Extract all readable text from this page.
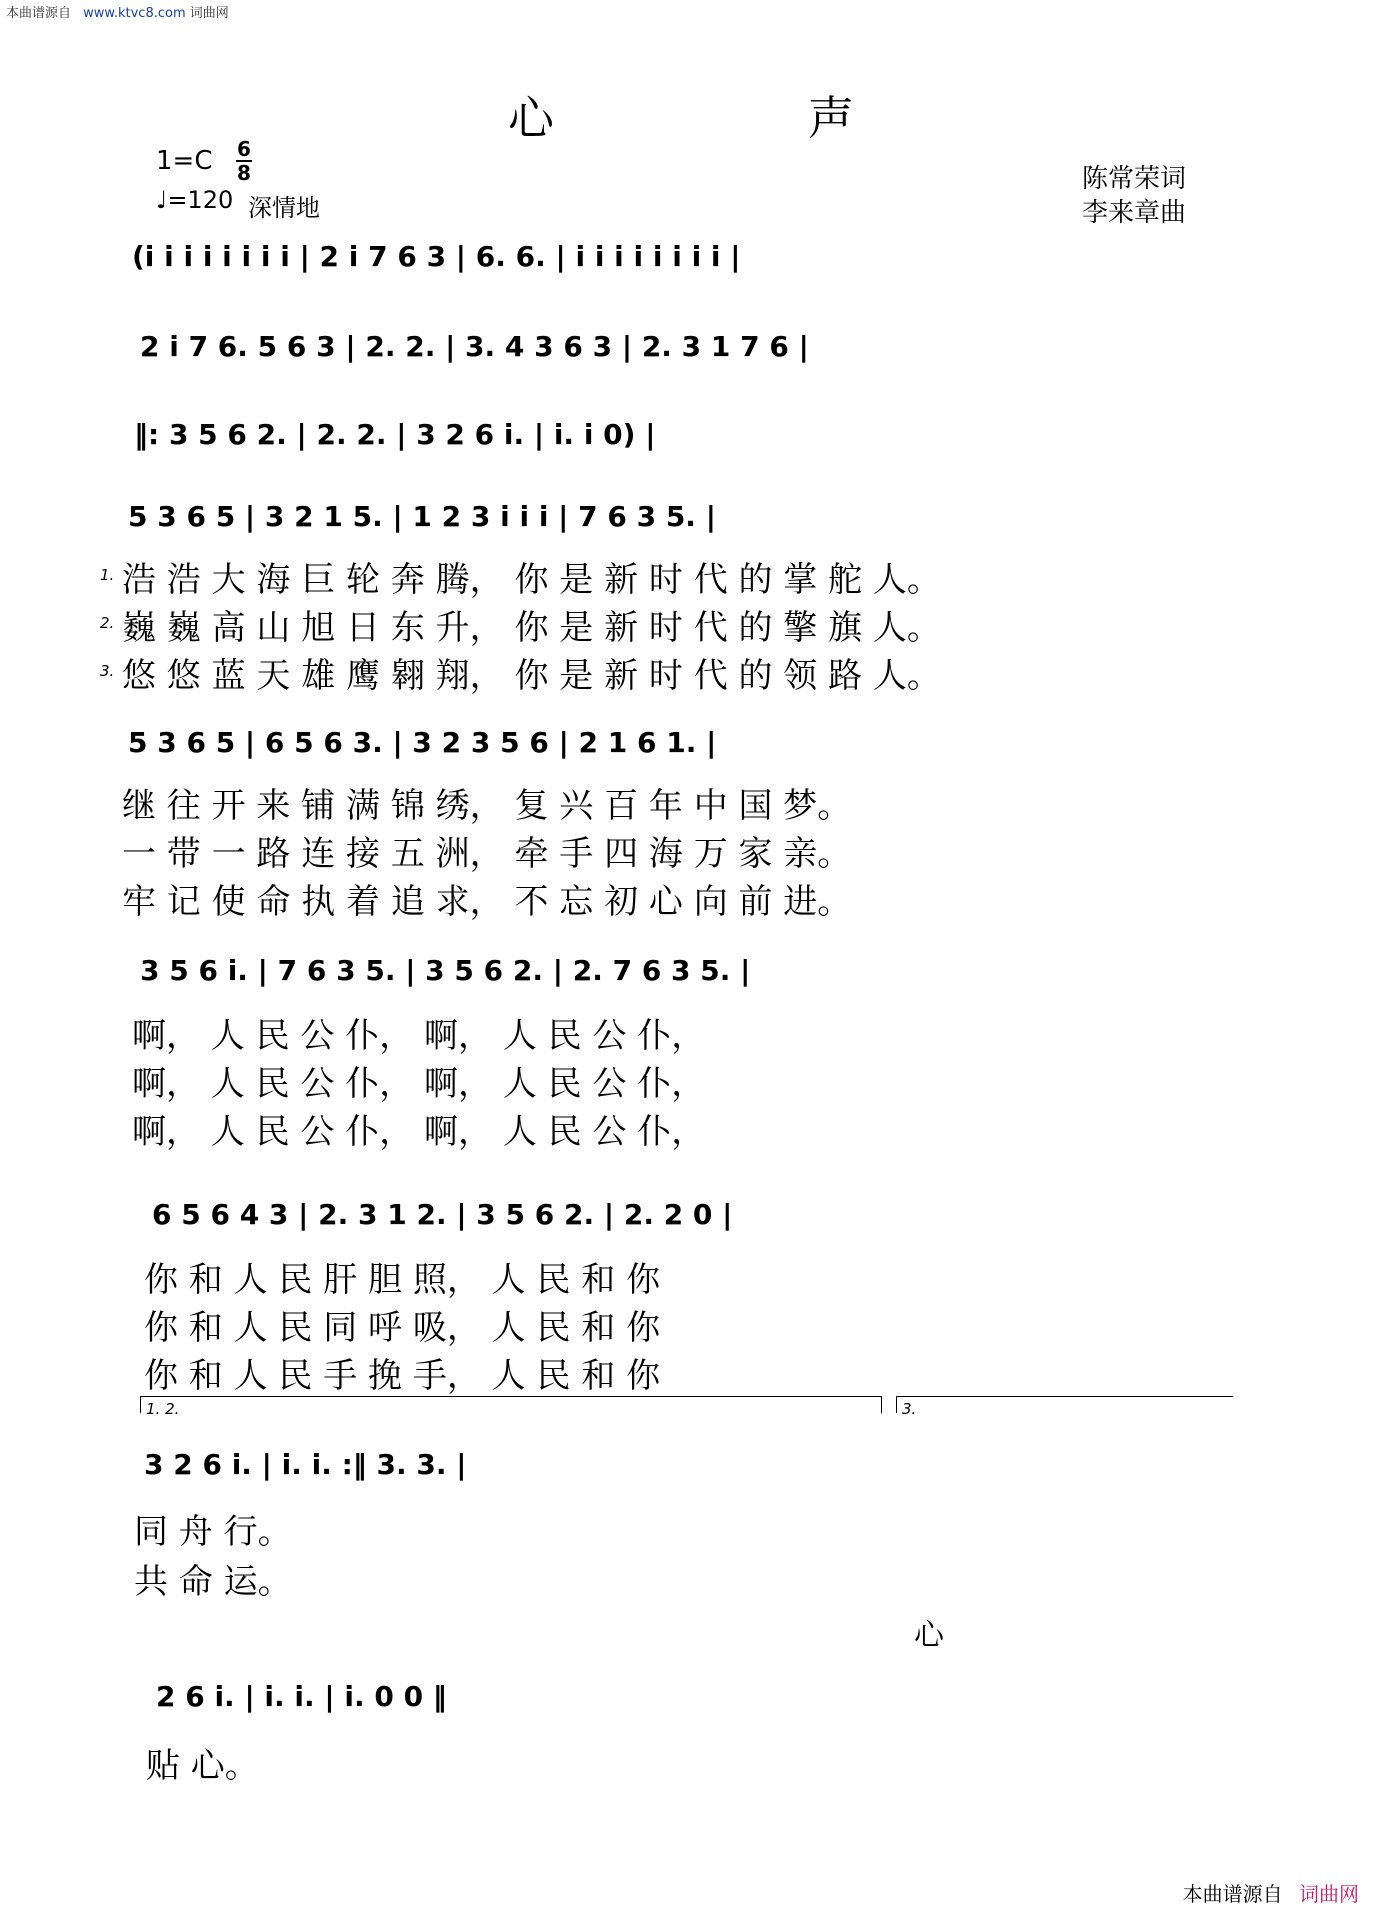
本曲谱源自 www.ktvc8.com 词曲网
心	声
1=C 6
8
♩=120 深情地
陈常荣词
李来章曲
(i i i i i i i i | 2 i 7 6 3 | 6. 6. | i i i i i i i i |
2 i 7 6. 5 6 3 | 2. 2. | 3. 4 3 6 3 | 2. 3 1 7 6 |
‖: 3 5 6 2. | 2. 2. | 3 2 6 i. | i. i 0) |
5 3 6 5 | 3 2 1 5. | 1 2 3 i i i | 7 6 3 5. |
1.
2.
3.
浩 浩 大 海 巨 轮 奔 腾， 你 是 新 时 代 的 掌 舵 人。
巍 巍 高 山 旭 日 东 升， 你 是 新 时 代 的 擎 旗 人。
悠 悠 蓝 天 雄 鹰 翱 翔， 你 是 新 时 代 的 领 路 人。
5 3 6 5 | 6 5 6 3. | 3 2 3 5 6 | 2 1 6 1. |
继 往 开 来 铺 满 锦 绣， 复 兴 百 年 中 国 梦。
一 带 一 路 连 接 五 洲， 牵 手 四 海 万 家 亲。
牢 记 使 命 执 着 追 求， 不 忘 初 心 向 前 进。
3 5 6 i. | 7 6 3 5. | 3 5 6 2. | 2. 7 6 3 5. |
啊， 人 民 公 仆， 啊， 人 民 公 仆，
啊， 人 民 公 仆， 啊， 人 民 公 仆，
啊， 人 民 公 仆， 啊， 人 民 公 仆，
6 5 6 4 3 | 2. 3 1 2. | 3 5 6 2. | 2. 2 0 |
你 和 人 民 肝 胆 照， 人 民 和 你
你 和 人 民 同 呼 吸， 人 民 和 你
你 和 人 民 手 挽 手， 人 民 和 你
1. 2.	3.
3 2 6 i. | i. i. :‖ 3. 3. |
同 舟 行。
共 命 运。
心
2 6 i. | i. i. | i. 0 0 ‖
贴 心。
本曲谱源自 词曲网
